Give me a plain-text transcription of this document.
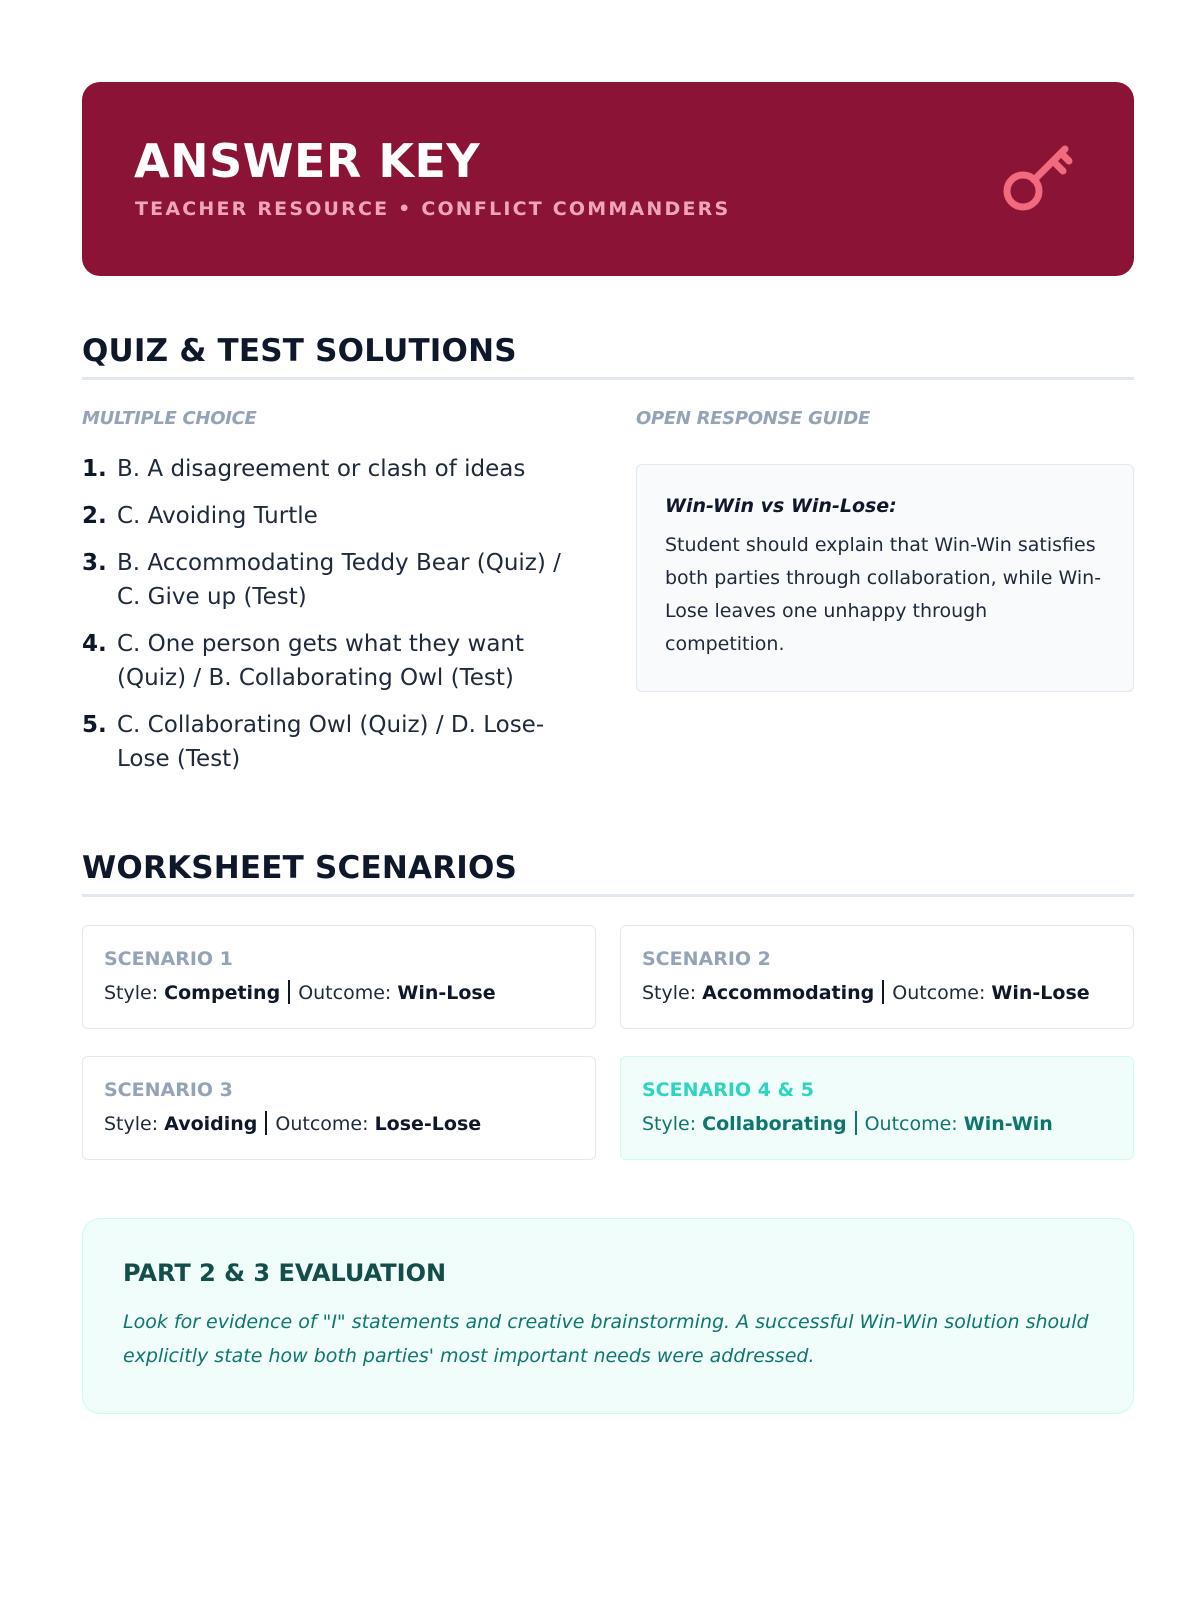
ANSWER KEY
TEACHER RESOURCE • CONFLICT COMMANDERS
QUIZ & TEST SOLUTIONS
MULTIPLE CHOICE	OPEN RESPONSE GUIDE
1. B. A disagreement or clash of ideas
2. C. Avoiding Turtle
3. B. Accommodating Teddy Bear (Quiz) / C. Give up (Test)
4. C. One person gets what they want (Quiz) / B. Collaborating Owl (Test)
5. C. Collaborating Owl (Quiz) / D. Lose-Lose (Test)
Win-Win vs Win-Lose:
Student should explain that Win-Win satisfies both parties through collaboration, while Win-Lose leaves one unhappy through competition.
WORKSHEET SCENARIOS
SCENARIO 1
Style: Competing Outcome: Win-Lose
SCENARIO 2
Style: Accommodating Outcome: Win-Lose
SCENARIO 3
Style: Avoiding Outcome: Lose-Lose
SCENARIO 4 & 5
Style: Collaborating Outcome: Win-Win
PART 2 & 3 EVALUATION
Look for evidence of "I" statements and creative brainstorming. A successful Win-Win solution should explicitly state how both parties' most important needs were addressed.
